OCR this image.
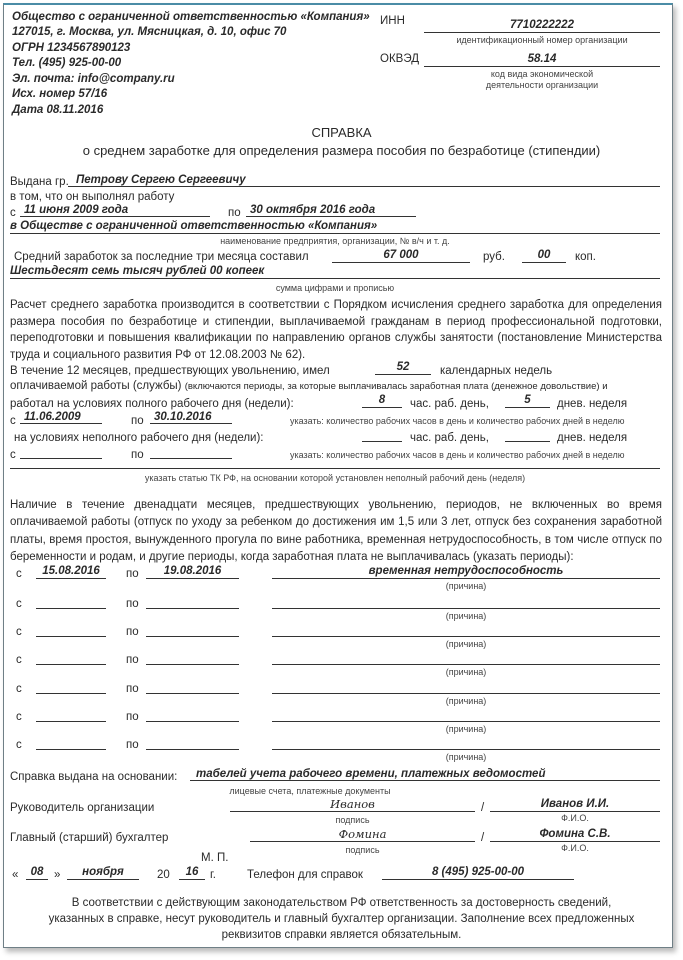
Общество с ограниченной ответственностью «Компания»
127015, г. Москва, ул. Мясницкая, д. 10, офис 70
ОГРН 1234567890123
Тел. (495) 925-00-00
Эл. почта: info@company.ru
Исх. номер 57/16
Дата 08.11.2016
ИНН	7710222222
идентификационный номер организации
ОКВЭД	58.14
код вида экономической
деятельности организации
СПРАВКА
о среднем заработке для определения размера пособия по безработице (стипендии)
Выдана гр. Петрову Сергею Сергеевичу
в том, что он выполнял работу
с 11 июня 2009 года	по 30 октября 2016 года
в Обществе с ограниченной ответственностью «Компания»
наименование предприятия, организации, № в/ч и т. д.
Средний заработок за последние три месяца составил	67 000	руб.	00	коп.
Шестьдесят семь тысяч рублей 00 копеек
сумма цифрами и прописью
Расчет среднего заработка производится в соответствии с Порядком исчисления среднего заработка для определения размера пособия по безработице и стипендии, выплачиваемой гражданам в период профессиональной подготовки, переподготовки и повышения квалификации по направлению органов службы занятости (постановление Министерства труда и социального развития РФ от 12.08.2003 № 62).
В течение 12 месяцев, предшествующих увольнению, имел	52	календарных недель
оплачиваемой работы (службы) (включаются периоды, за которые выплачивалась заработная плата (денежное довольствие) и
работал на условиях полного рабочего дня (недели):	8	час. раб. день,	5	днев. неделя
с 11.06.2009	по 30.10.2016	указать: количество рабочих часов в день и количество рабочих дней в неделю
на условиях неполного рабочего дня (недели):	час. раб. день,	днев. неделя
с	по	указать: количество рабочих часов в день и количество рабочих дней в неделю
указать статью ТК РФ, на основании которой установлен неполный рабочий день (неделя)
Наличие в течение двенадцати месяцев, предшествующих увольнению, периодов, не включенных во время оплачиваемой работы (отпуск по уходу за ребенком до достижения им 1,5 или 3 лет, отпуск без сохранения заработной платы, время простоя, вынужденного прогула по вине работника, временная нетрудоспособность, в том числе отпуск по беременности и родам, и другие периоды, когда заработная плата не выплачивалась (указать периоды):
с	15.08.2016	по	19.08.2016	временная нетрудоспособность
(причина)
с	по
(причина)
с	по
(причина)
с	по
(причина)
с	по
(причина)
с	по
(причина)
с	по
(причина)
Справка выдана на основании:	табелей учета рабочего времени, платежных ведомостей
лицевые счета, платежные документы
Руководитель организации	Иванов	/	Иванов И.И.
подпись	Ф.И.О.
Главный (старший) бухгалтер	Фомина	/	Фомина С.В.
подпись	Ф.И.О.
М. П.
«	08 »	ноября	20	16	г.	Телефон для справок	8 (495) 925-00-00
В соответствии с действующим законодательством РФ ответственность за достоверность сведений,
указанных в справке, несут руководитель и главный бухгалтер организации. Заполнение всех предложенных
реквизитов справки является обязательным.
